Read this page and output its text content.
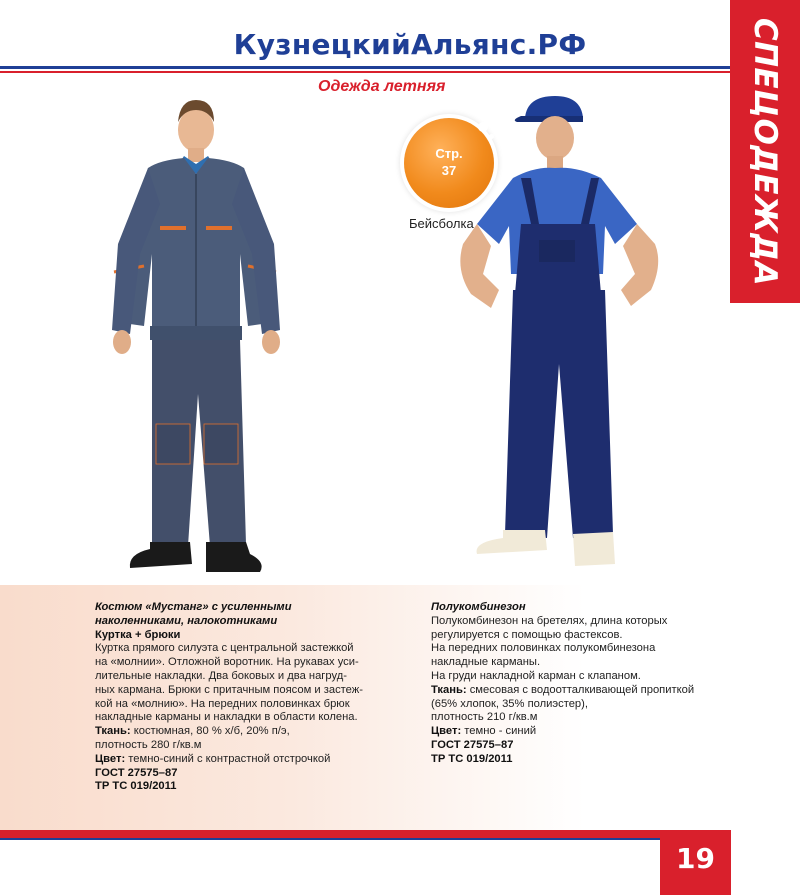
КузнецкийАльянс.РФ
Одежда летняя	СПЕЦОДЕЖДА
Стр.
37
Бейсболка
Костюм «Мустанг» с усиленными
наколенниками, налокотниками
Куртка + брюки
Куртка прямого силуэта с центральной застежкой
на «молнии». Отложной воротник. На рукавах уси-
лительные накладки. Два боковых и два нагруд-
ных кармана. Брюки с притачным поясом и застеж-
кой на «молнию». На передних половинках брюк
накладные карманы и накладки в области колена.
Ткань: костюмная, 80 % х/б, 20% п/э,
плотность 280 г/кв.м
Цвет: темно-синий с контрастной отстрочкой
ГОСТ 27575–87
ТР ТС 019/2011
Полукомбинезон
Полукомбинезон на бретелях, длина которых
регулируется с помощью фастексов.
На передних половинках полукомбинезона
накладные карманы.
На груди накладной карман с клапаном.
Ткань: смесовая с водоотталкивающей пропиткой
(65% хлопок, 35% полиэстер),
плотность 210 г/кв.м
Цвет: темно - синий
ГОСТ 27575–87
ТР ТС 019/2011
19
